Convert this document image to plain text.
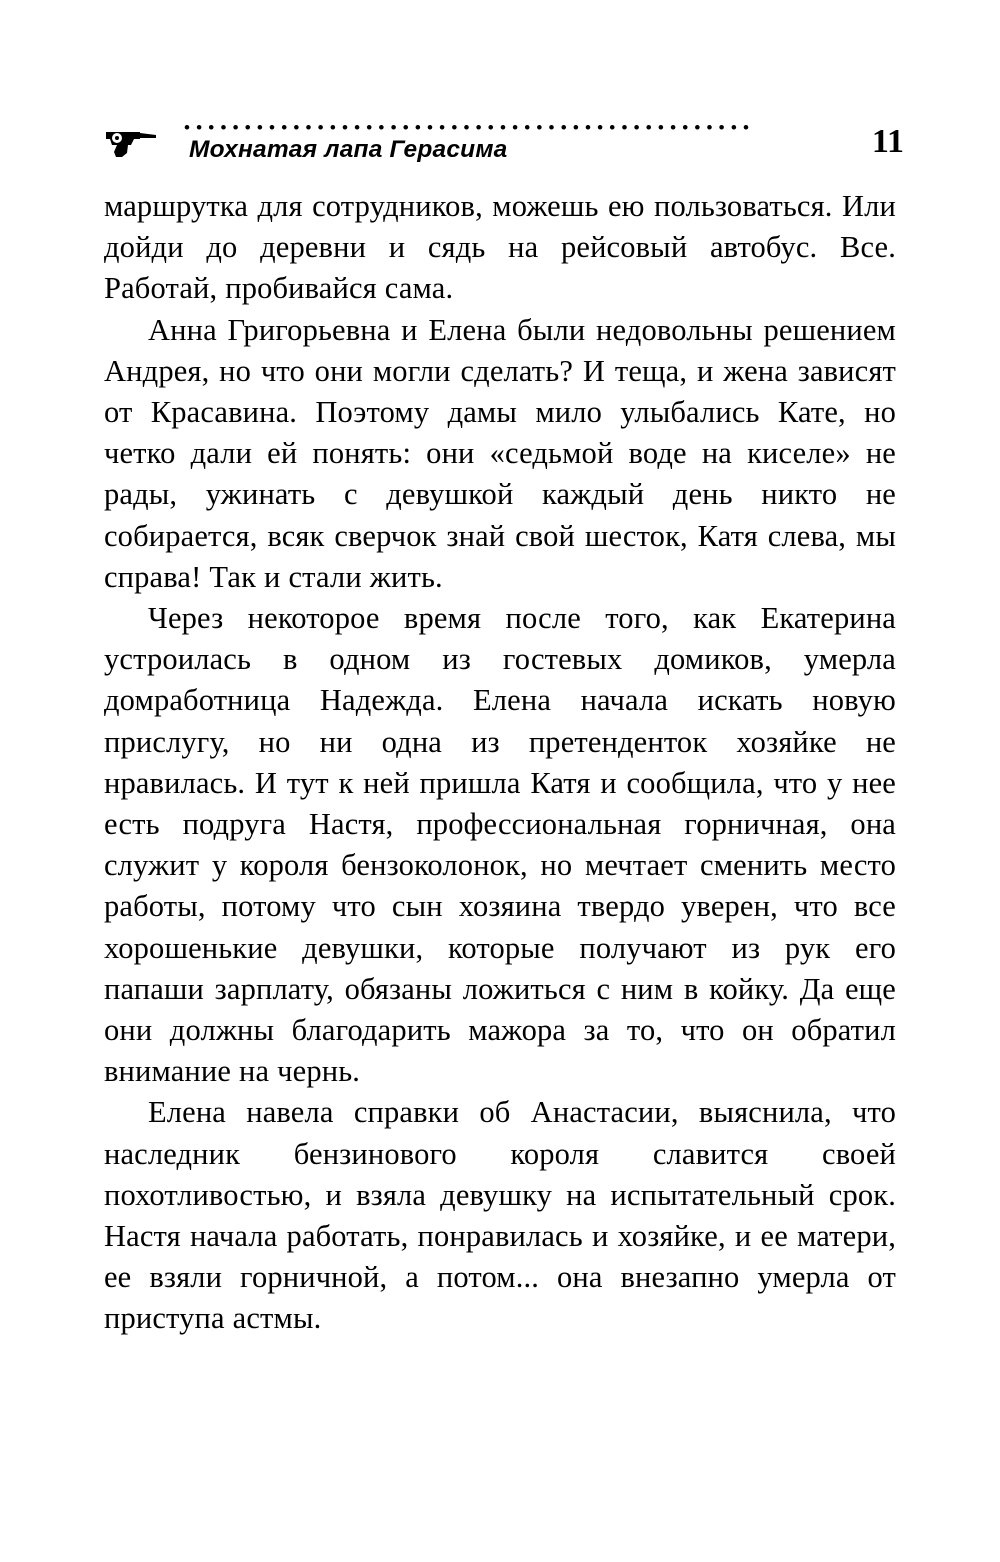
•••••••••••••••••••••••••••••••••••••••••••••••
Мохнатая лапа Герасима	11

маршрутка для сотрудников, можешь ею пользоваться. Или дойди до деревни и сядь на рейсовый автобус. Все. Работай, пробивайся сама.

Анна Григорьевна и Елена были недовольны решением Андрея, но что они могли сделать? И теща, и жена зависят от Красавина. Поэтому дамы мило улыбались Кате, но четко дали ей понять: они «седьмой воде на киселе» не рады, ужинать с девушкой каждый день никто не собирается, всяк сверчок знай свой шесток, Катя слева, мы справа! Так и стали жить.

Через некоторое время после того, как Екатерина устроилась в одном из гостевых домиков, умерла домработница Надежда. Елена начала искать новую прислугу, но ни одна из претенденток хозяйке не нравилась. И тут к ней пришла Катя и сообщила, что у нее есть подруга Настя, профессиональная горничная, она служит у короля бензоколонок, но мечтает сменить место работы, потому что сын хозяина твердо уверен, что все хорошенькие девушки, которые получают из рук его папаши зарплату, обязаны ложиться с ним в койку. Да еще они должны благодарить мажора за то, что он обратил внимание на чернь.

Елена навела справки об Анастасии, выяснила, что наследник бензинового короля славится своей похотливостью, и взяла девушку на испытательный срок. Настя начала работать, понравилась и хозяйке, и ее матери, ее взяли горничной, а потом... она внезапно умерла от приступа астмы.
